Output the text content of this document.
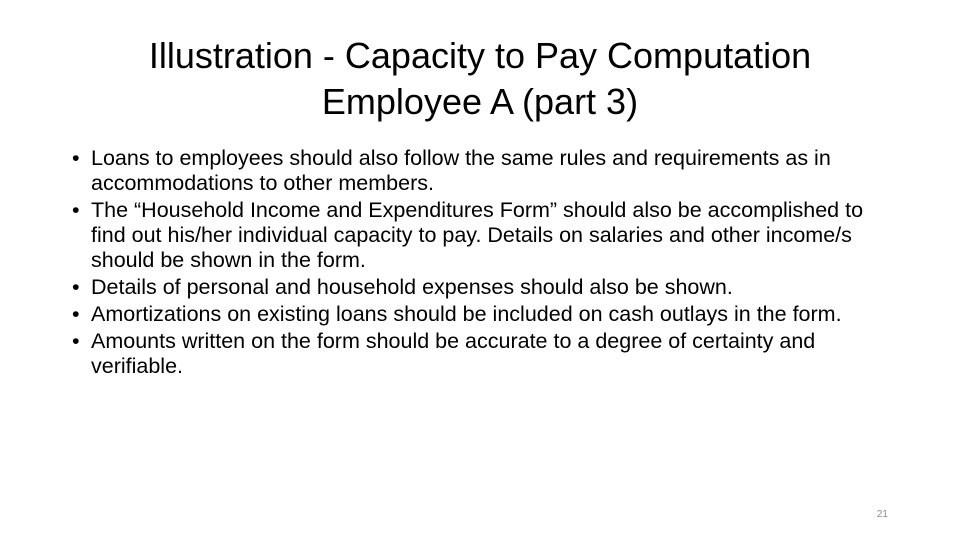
Illustration - Capacity to Pay Computation
Employee A (part 3)
• Loans to employees should also follow the same rules and requirements as in accommodations to other members.
• The “Household Income and Expenditures Form” should also be accomplished to find out his/her individual capacity to pay. Details on salaries and other income/s should be shown in the form.
• Details of personal and household expenses should also be shown.
• Amortizations on existing loans should be included on cash outlays in the form.
• Amounts written on the form should be accurate to a degree of certainty and verifiable.
21
